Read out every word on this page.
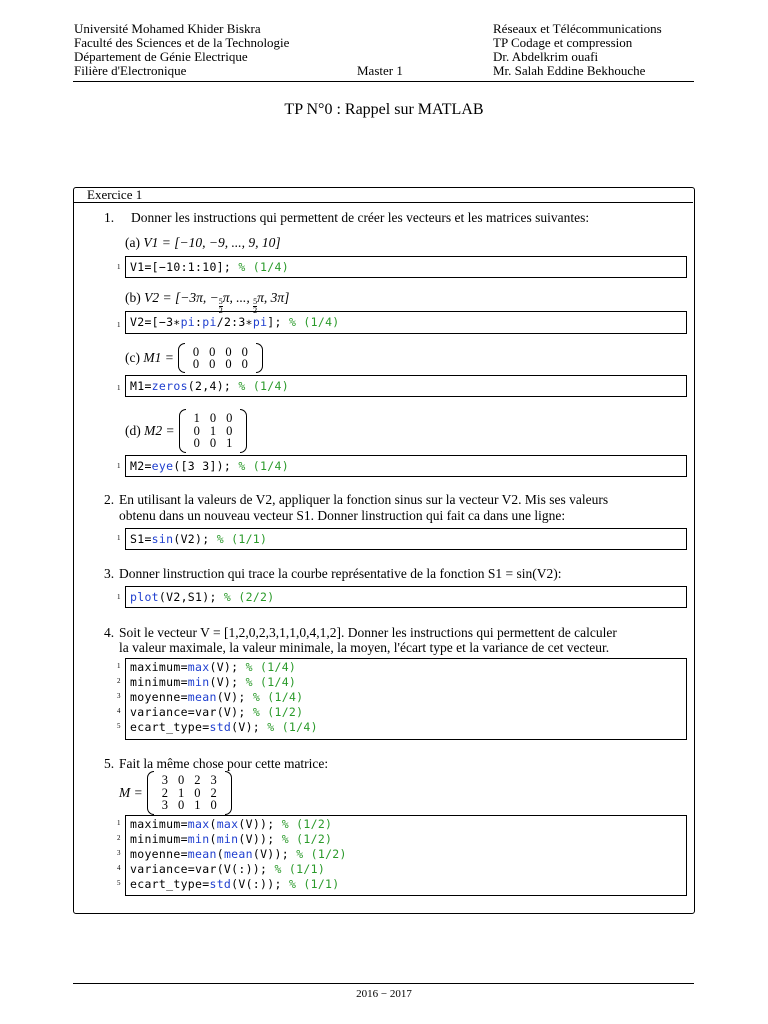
Université Mohamed Khider Biskra
Faculté des Sciences et de la Technologie
Département de Génie Electrique
Filière d'Electronique	Master 1
Réseaux et Télécommunications
TP Codage et compression
Dr. Abdelkrim ouafi
Mr. Salah Eddine Bekhouche
TP N°0 : Rappel sur MATLAB
Exercice 1
1. Donner les instructions qui permettent de créer les vecteurs et les matrices suivantes:
(a) V1 = [−10, −9, ..., 9, 10]
1 V1=[−10:1:10]; % (1/4)
(b) V2 = [−3π, −
$\frac{5}{2}$
π, ...,
$\frac{5}{2}$
π, 3π]
1 V2=[−3∗pi:pi/2:3∗pi]; % (1/4)
(c)
M1 = 0	0	0	0
0	0	0	0
1 M1=zeros(2,4); % (1/4)
(d)
M2 =
1	0	0
0	1	0
0	0	1
1 M2=eye([3 3]); % (1/4)
2. En utilisant la valeurs de V2, appliquer la fonction sinus sur la vecteur V2. Mis ses valeurs
obtenu dans un nouveau vecteur S1. Donner linstruction qui fait ca dans une ligne:
1 S1=sin(V2); % (1/1)
3. Donner linstruction qui trace la courbe représentative de la fonction S1 = sin(V2):
1 plot(V2,S1); % (2/2)
4. Soit le vecteur V = [1,2,0,2,3,1,1,0,4,1,2]. Donner les instructions qui permettent de calculer
la valeur maximale, la valeur minimale, la moyen, l'écart type et la variance de cet vecteur.
maximum=max(V); % (1/4)
minimum=min(V); % (1/4)
moyenne=mean(V); % (1/4)
variance=var(V); % (1/2)
ecart_type=std(V); % (1/4)
1
2
3
4
5
5. Fait la même chose pour cette matrice:
M =
3	0	2	3
2	1	0	2
3	0	1	0
maximum=max(max(V)); % (1/2)
minimum=min(min(V)); % (1/2)
moyenne=mean(mean(V)); % (1/2)
variance=var(V(:)); % (1/1)
ecart_type=std(V(:)); % (1/1)
1
2
3
4
5
2016 − 2017
